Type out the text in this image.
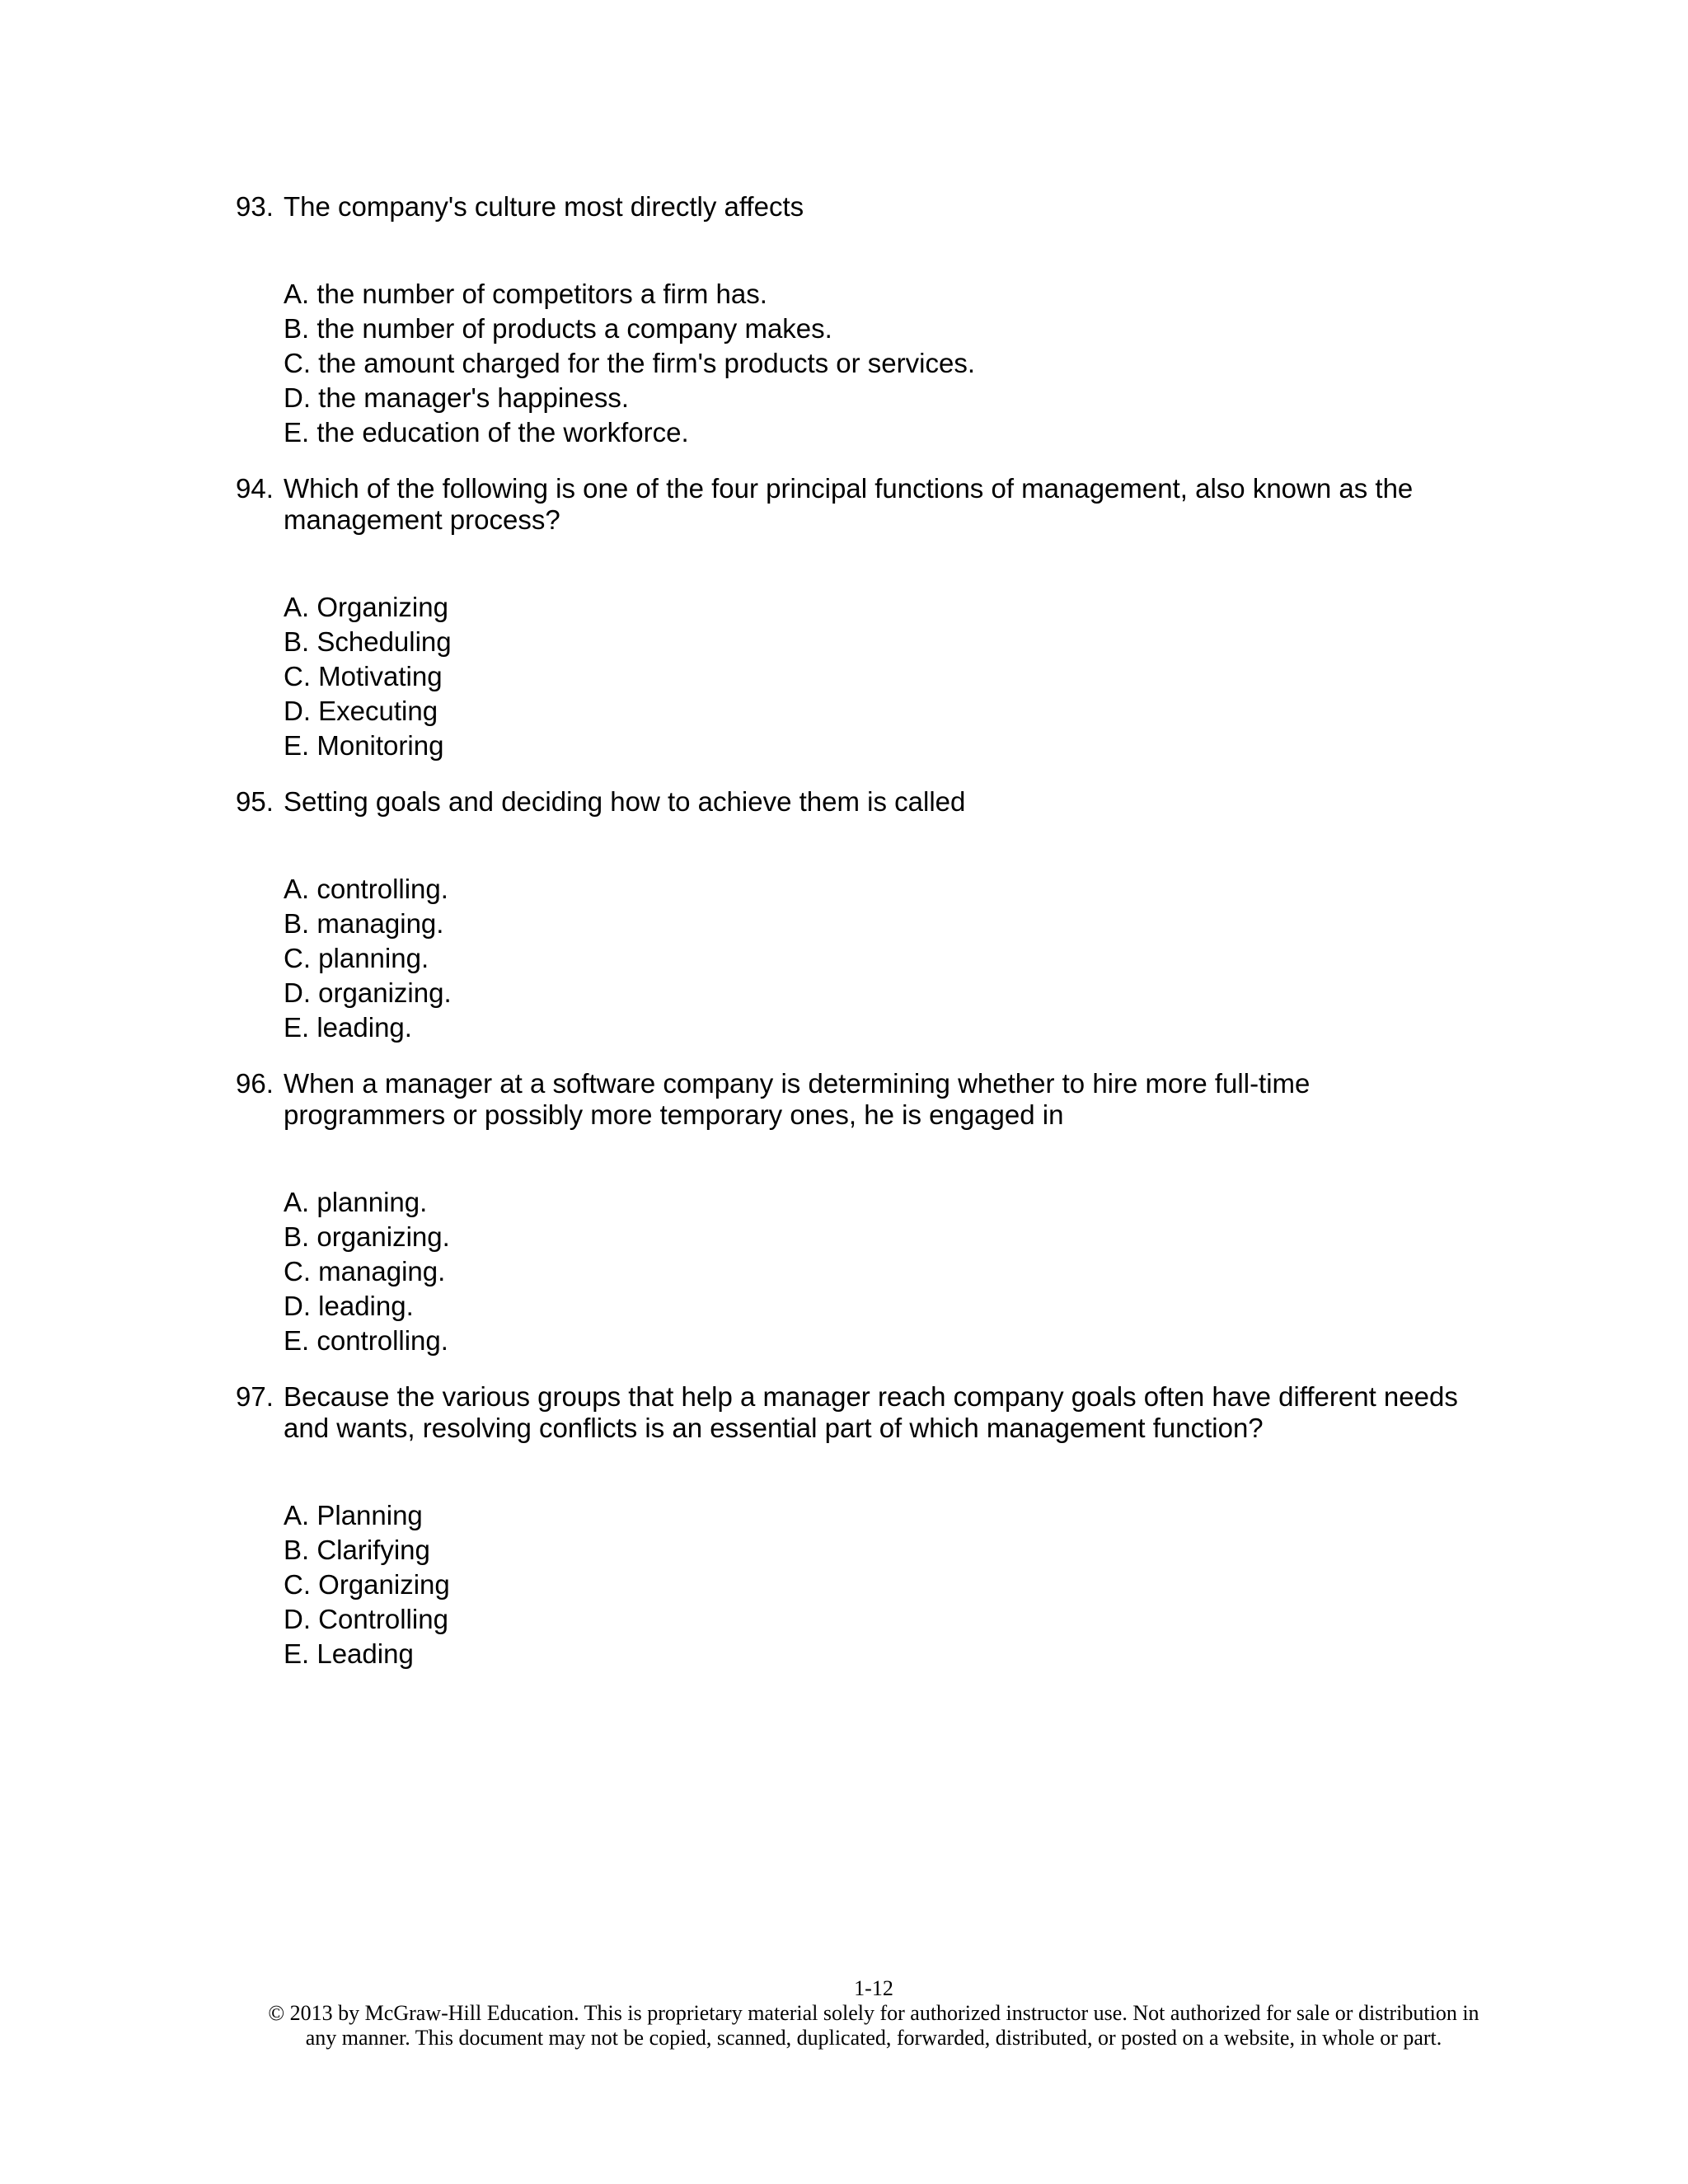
93. The company's culture most directly affects
A. the number of competitors a firm has.
B. the number of products a company makes.
C. the amount charged for the firm's products or services.
D. the manager's happiness.
E. the education of the workforce.
94. Which of the following is one of the four principal functions of management, also known as the management process?
A. Organizing
B. Scheduling
C. Motivating
D. Executing
E. Monitoring
95. Setting goals and deciding how to achieve them is called
A. controlling.
B. managing.
C. planning.
D. organizing.
E. leading.
96. When a manager at a software company is determining whether to hire more full-time programmers or possibly more temporary ones, he is engaged in
A. planning.
B. organizing.
C. managing.
D. leading.
E. controlling.
97. Because the various groups that help a manager reach company goals often have different needs and wants, resolving conflicts is an essential part of which management function?
A. Planning
B. Clarifying
C. Organizing
D. Controlling
E. Leading
1-12
© 2013 by McGraw-Hill Education. This is proprietary material solely for authorized instructor use. Not authorized for sale or distribution in
any manner. This document may not be copied, scanned, duplicated, forwarded, distributed, or posted on a website, in whole or part.
